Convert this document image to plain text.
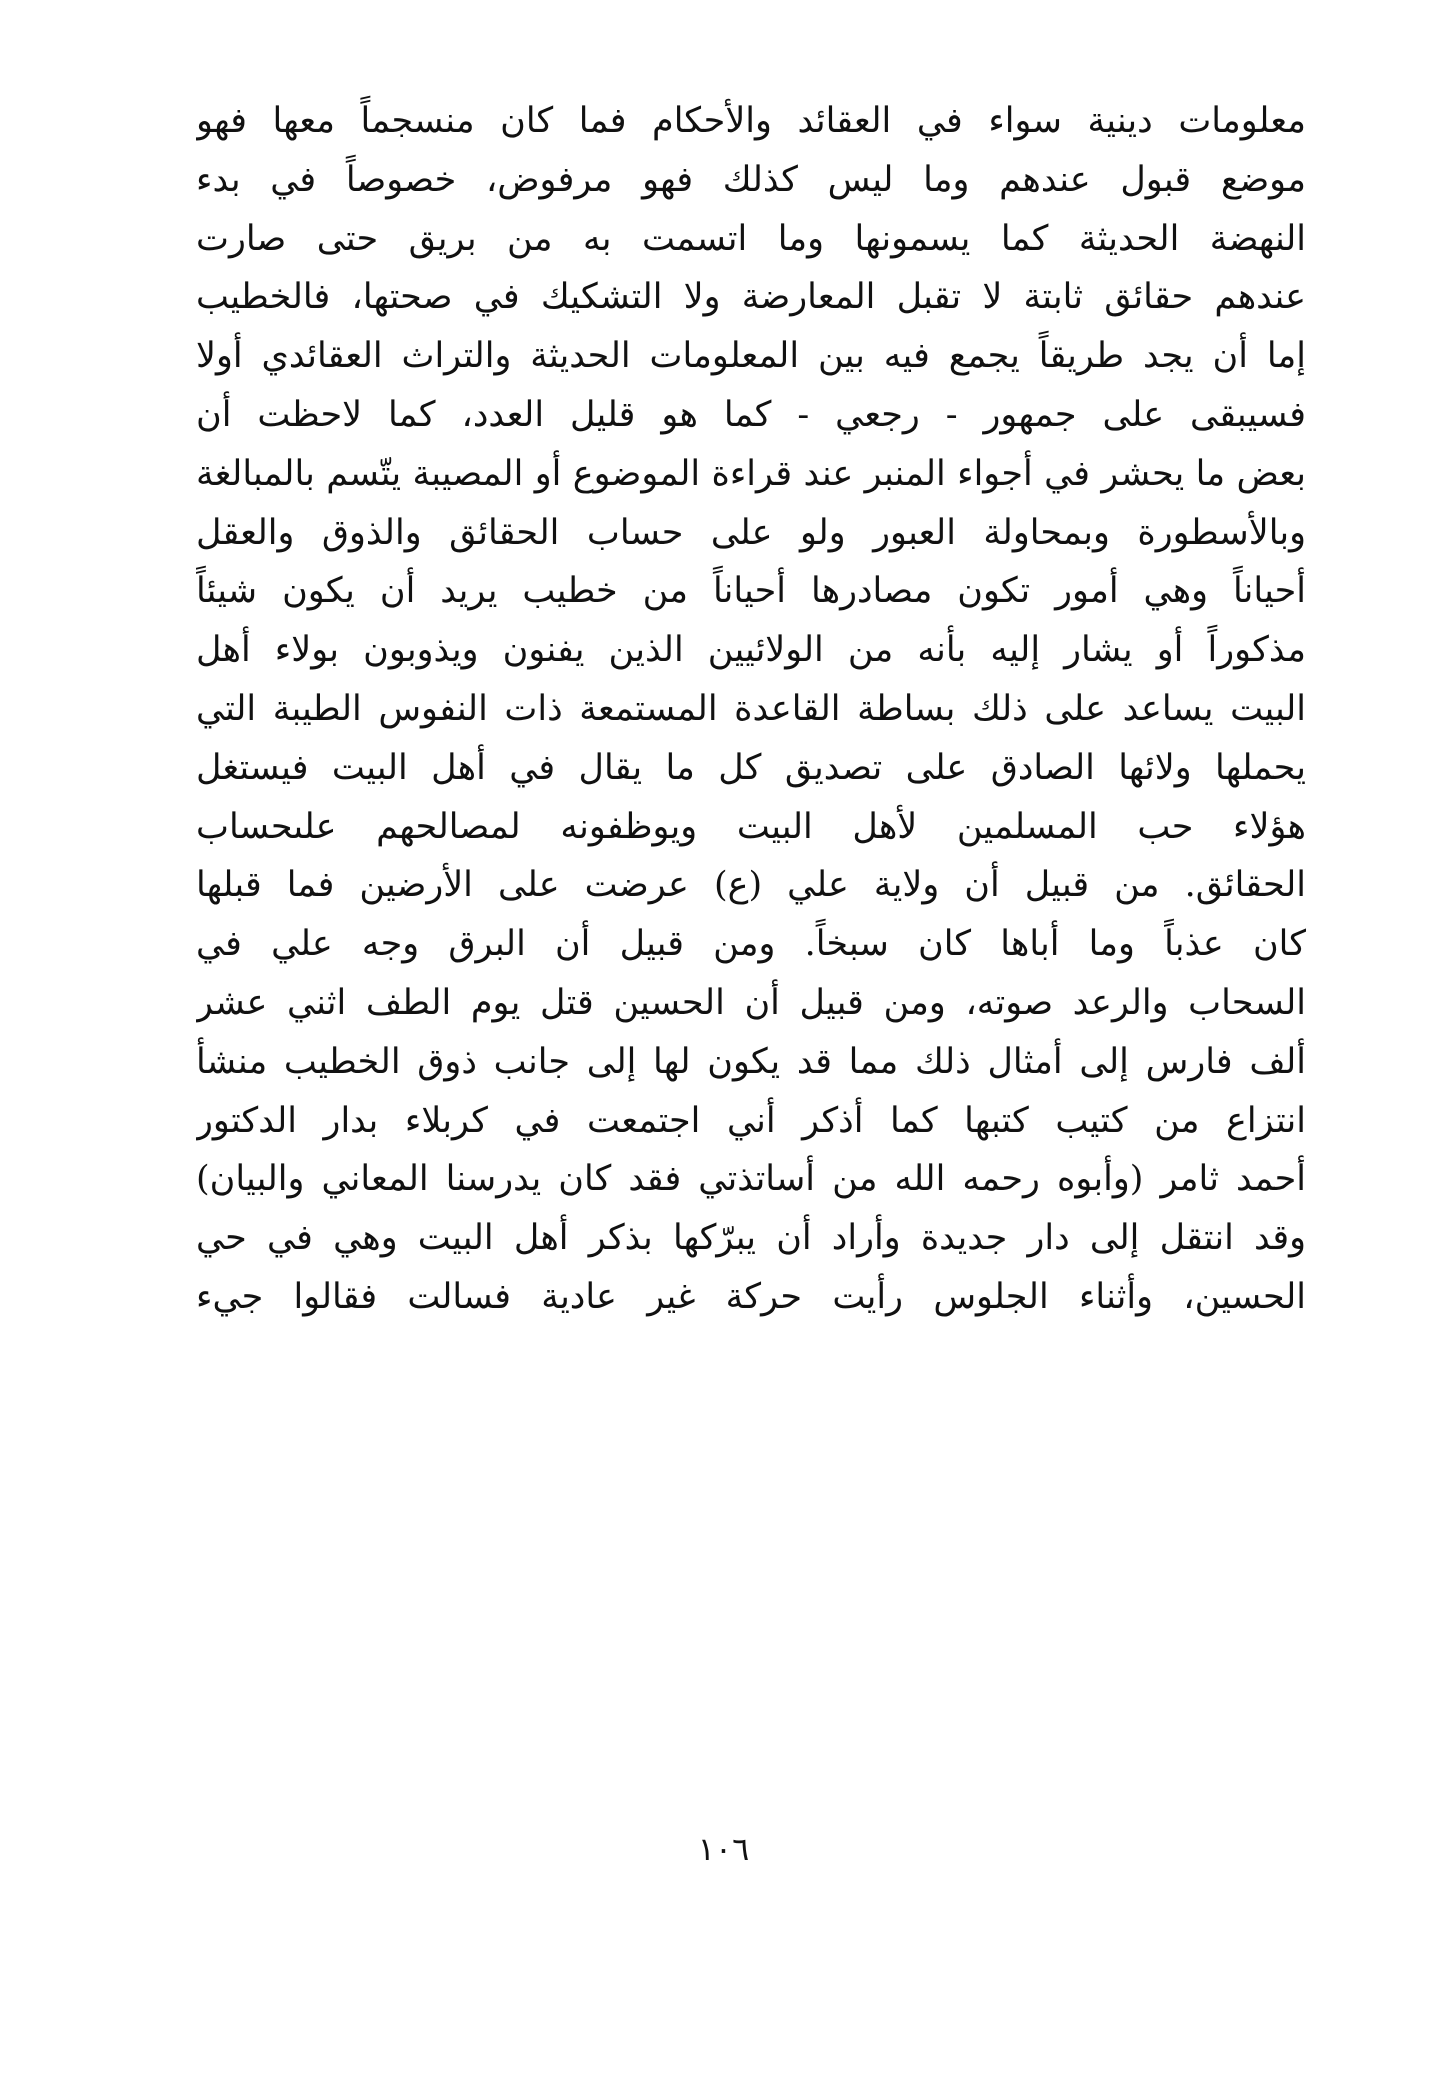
معلومات دينية سواء في العقائد والأحكام فما كان منسجماً معها فهو
موضع قبول عندهم وما ليس كذلك فهو مرفوض، خصوصاً في بدء
النهضة الحديثة كما يسمونها وما اتسمت به من بريق حتى صارت
عندهم حقائق ثابتة لا تقبل المعارضة ولا التشكيك في صحتها، فالخطيب
إما أن يجد طريقاً يجمع فيه بين المعلومات الحديثة والتراث العقائدي أولا
فسيبقى على جمهور - رجعي - كما هو قليل العدد، كما لاحظت أن
بعض ما يحشر في أجواء المنبر عند قراءة الموضوع أو المصيبة يتّسم بالمبالغة
وبالأسطورة وبمحاولة العبور ولو على حساب الحقائق والذوق والعقل
أحياناً وهي أمور تكون مصادرها أحياناً من خطيب يريد أن يكون شيئاً
مذكوراً أو يشار إليه بأنه من الولائيين الذين يفنون ويذوبون بولاء أهل
البيت يساعد على ذلك بساطة القاعدة المستمعة ذات النفوس الطيبة التي
يحملها ولائها الصادق على تصديق كل ما يقال في أهل البيت فيستغل
هؤلاء حب المسلمين لأهل البيت ويوظفونه لمصالحهم علىحساب
الحقائق. من قبيل أن ولاية علي (ع) عرضت على الأرضين فما قبلها
كان عذباً وما أباها كان سبخاً. ومن قبيل أن البرق وجه علي في
السحاب والرعد صوته، ومن قبيل أن الحسين قتل يوم الطف اثني عشر
ألف فارس إلى أمثال ذلك مما قد يكون لها إلى جانب ذوق الخطيب منشأ
انتزاع من كتيب كتبها كما أذكر أني اجتمعت في كربلاء بدار الدكتور
أحمد ثامر (وأبوه رحمه الله من أساتذتي فقد كان يدرسنا المعاني والبيان)
وقد انتقل إلى دار جديدة وأراد أن يبرّكها بذكر أهل البيت وهي في حي
الحسين، وأثناء الجلوس رأيت حركة غير عادية فسالت فقالوا جيء
١٠٦
